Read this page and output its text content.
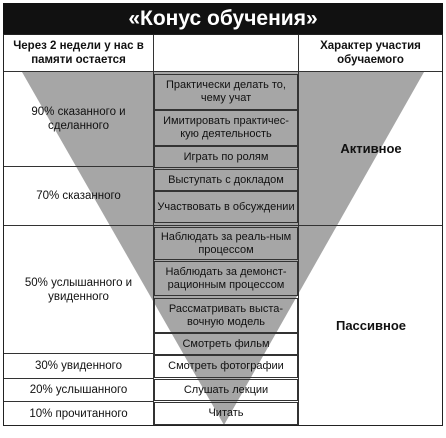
«Конус обучения»
Через 2 недели у нас в памяти остается
Характер участия обучаемого
90% сказанного и сделанного
70% сказанного
50% услышанного и увиденного
30% увиденного
20% услышанного
10% прочитанного
Практически делать то, чему учат
Имитировать практичес-кую деятельность
Играть по ролям
Выступать с докладом
Участвовать в обсуждении
Наблюдать за реаль-ным процессом
Наблюдать за демонст-рационным процессом
Рассматривать выста-вочную модель
Смотреть фильм
Смотреть фотографии
Слушать лекции
Читать
Активное
Пассивное
